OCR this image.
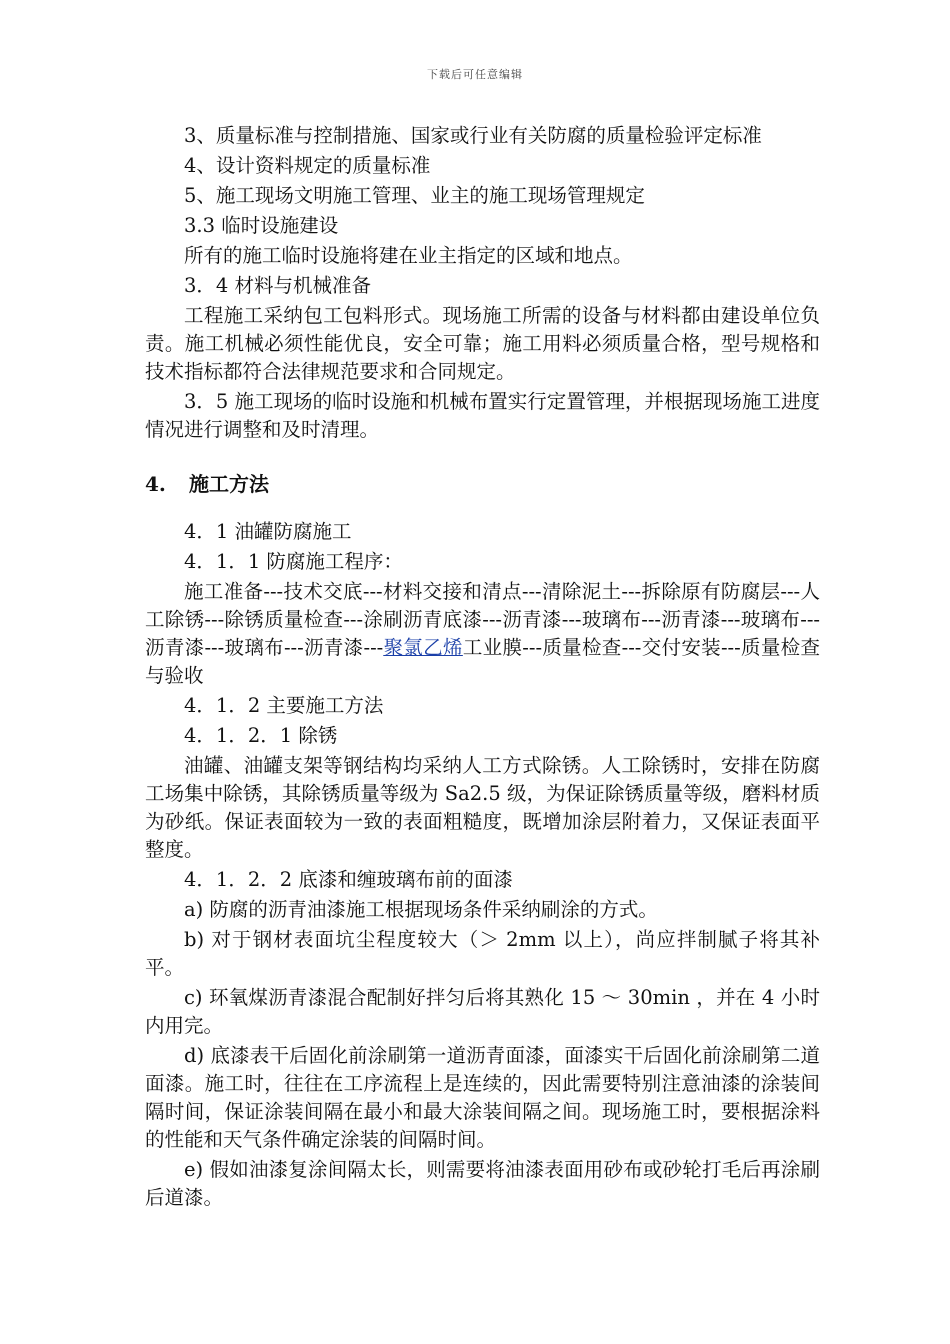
下载后可任意编辑

3、质量标准与控制措施、国家或行业有关防腐的质量检验评定标准

4、设计资料规定的质量标准

5、施工现场文明施工管理、业主的施工现场管理规定

3.3 临时设施建设

所有的施工临时设施将建在业主指定的区域和地点。

3．4 材料与机械准备

工程施工采纳包工包料形式。现场施工所需的设备与材料都由建设单位负责。施工机械必须性能优良，安全可靠；施工用料必须质量合格，型号规格和技术指标都符合法律规范要求和合同规定。

3．5 施工现场的临时设施和机械布置实行定置管理，并根据现场施工进度情况进行调整和及时清理。

4. 施工方法

4．1 油罐防腐施工

4．1．1 防腐施工程序：

施工准备---技术交底---材料交接和清点---清除泥土---拆除原有防腐层---人工除锈---除锈质量检查---涂刷沥青底漆---沥青漆---玻璃布---沥青漆---玻璃布---沥青漆---玻璃布---沥青漆---聚氯乙烯工业膜---质量检查---交付安装---质量检查与验收

4．1．2 主要施工方法

4．1．2．1 除锈

油罐、油罐支架等钢结构均采纳人工方式除锈。人工除锈时，安排在防腐工场集中除锈，其除锈质量等级为 Sa2.5 级，为保证除锈质量等级，磨料材质为砂纸。保证表面较为一致的表面粗糙度，既增加涂层附着力，又保证表面平整度。

4．1．2．2 底漆和缠玻璃布前的面漆

a) 防腐的沥青油漆施工根据现场条件采纳刷涂的方式。

b) 对于钢材表面坑尘程度较大（＞ 2mm 以上），尚应拌制腻子将其补平。

c) 环氧煤沥青漆混合配制好拌匀后将其熟化 15 ～ 30min ，并在 4 小时内用完。

d) 底漆表干后固化前涂刷第一道沥青面漆，面漆实干后固化前涂刷第二道面漆。施工时，往往在工序流程上是连续的，因此需要特别注意油漆的涂装间隔时间，保证涂装间隔在最小和最大涂装间隔之间。现场施工时，要根据涂料的性能和天气条件确定涂装的间隔时间。

e) 假如油漆复涂间隔太长，则需要将油漆表面用砂布或砂轮打毛后再涂刷后道漆。
